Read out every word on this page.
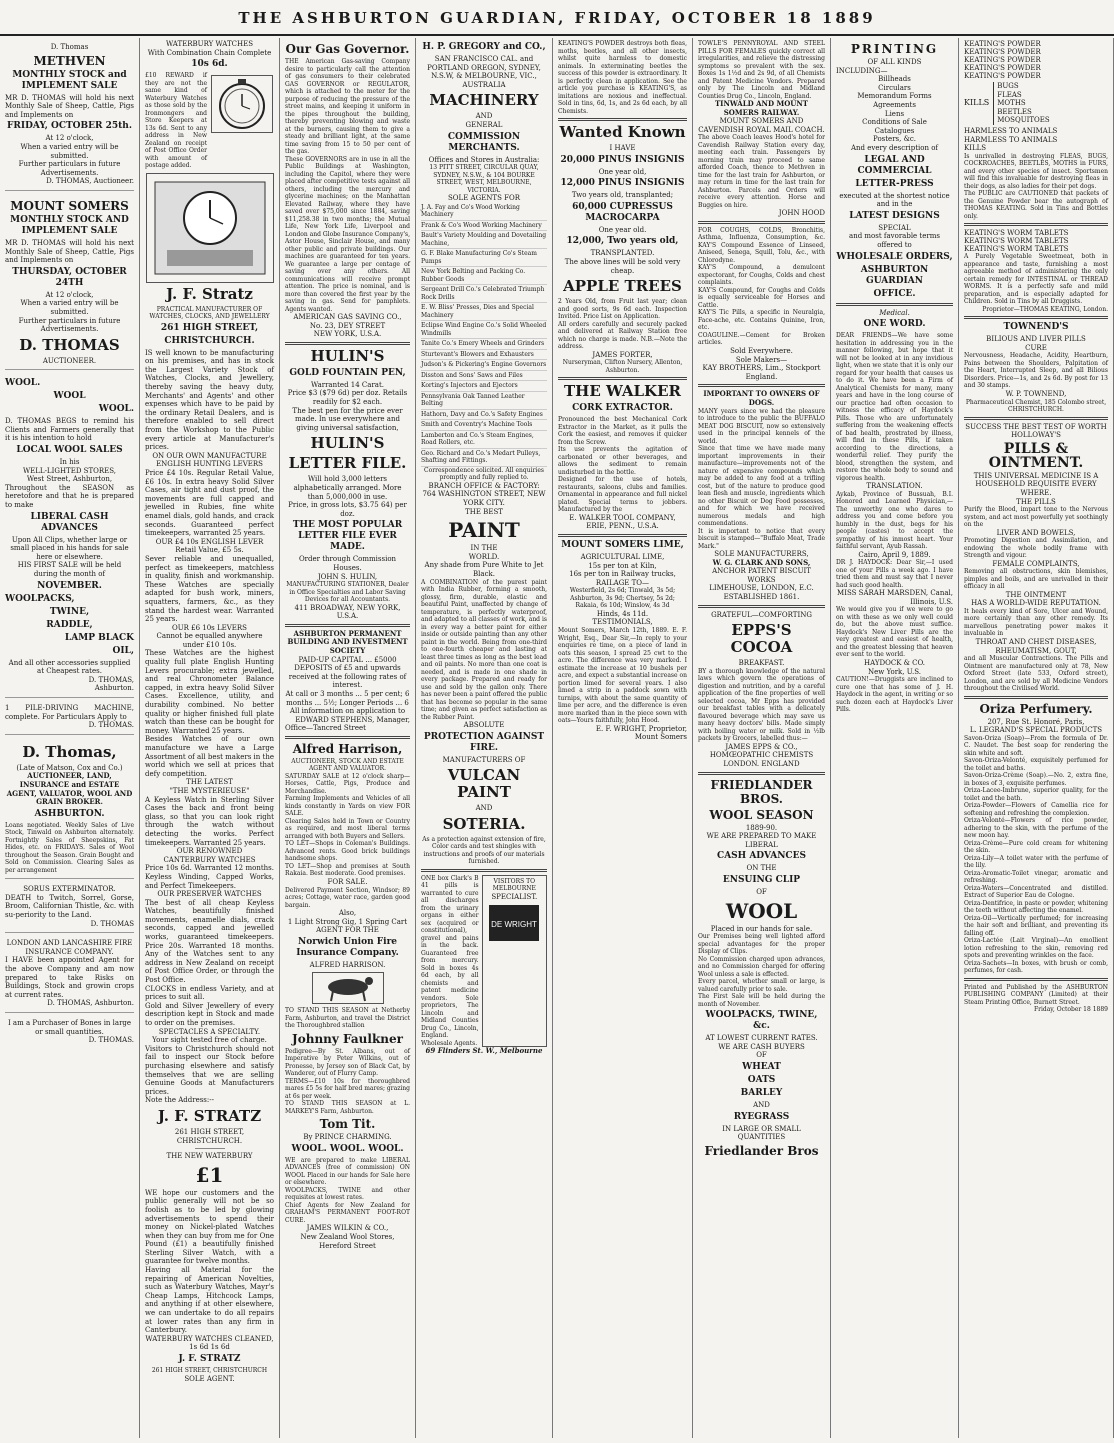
THE ASHBURTON GUARDIAN, FRIDAY, OCTOBER 18 1889
D. Thomas
METHVEN
MONTHLY STOCK and IMPLEMENT SALE
MR D. THOMAS will hold his next Monthly Sale of Sheep, Cattle, Pigs and Implements on
FRIDAY, OCTOBER 25th.
At 12 o'clock,
When a varied entry will be submitted.
Further particulars in future Advertisements.
D. THOMAS, Auctioneer.
MOUNT SOMERS
MONTHLY STOCK AND IMPLEMENT SALE
MR D. THOMAS will hold his next Monthly Sale of Sheep, Cattle, Pigs and Implements on
THURSDAY, OCTOBER 24TH
At 12 o'clock,
When a varied entry will be submitted.
Further particulars in future Advertisements.
D. THOMAS
AUCTIONEER.
WOOL.
WOOL
WOOL.
D. THOMAS BEGS to remind his Clients and Farmers generally that it is his intention to hold
LOCAL WOOL SALES
In his
WELL-LIGHTED STORES,
West Street, Ashburton,
Throughout the SEASON as heretofore and that he is prepared to make
LIBERAL CASH ADVANCES
Upon All Clips, whether large or small placed in his hands for sale here or elsewhere.
HIS FIRST SALE will be held during the month of
NOVEMBER.
WOOLPACKS,
TWINE,
RADDLE,
LAMP BLACK
OIL,
And all other accessories supplied at Cheapest rates.
D. THOMAS,
Ashburton.
1 PILE-DRIVING MACHINE, complete. For Particulars Apply to
D. THOMAS.
D. Thomas,
(Late of Matson, Cox and Co.)
AUCTIONEER, LAND, INSURANCE and ESTATE AGENT, VALUATOR, WOOL AND GRAIN BROKER.
ASHBURTON.
Loans negotiated. Weekly Sales of Live Stock, Tinwald on Ashburton alternately. Fortnightly Sales of Sheepskins, Fat Hides, etc. on FRIDAYS. Sales of Wool throughout the Season. Grain Bought and Sold on Commission. Clearing Sales as per arrangement
SORUS EXTERMINATOR.
DEATH to Twitch, Sorrel, Gorse, Broom, Californian Thistle, &c. with su-periority to the Land.
D. THOMAS
LONDON AND LANCASHIRE FIRE INSURANCE COMPANY.
I HAVE been appointed Agent for the above Company and am now prepared to take Risks on Buildings, Stock and growin crops at current rates.
D. THOMAS, Ashburton.
I am a Purchaser of Bones in large or small quantities.
D. THOMAS.
WATERBURY WATCHES
With Combination Chain Complete
10s 6d.
£10 REWARD if they are not the same kind of Waterbury Watches as those sold by the Ironmongers and Store Keepers at 13s 6d. Sent to any address in New Zealand on receipt of Post Office Order with amount of postage added.
J. F. Stratz
PRACTICAL MANUFACTURER OF WATCHES, CLOCKS, AND JEWELLERY
261 HIGH STREET,
CHRISTCHURCH.
IS well known to be manufacturing on his premises, and has in stock the Largest Variety Stock of Watches, Clocks, and Jewellery, thereby saving the heavy duty, Merchants' and Agents' and other expenses which have to be paid by the ordinary Retail Dealers, and is therefore enabled to sell direct from the Workshop to the Public every article at Manufacturer's prices.
ON OUR OWN MANUFACTURE
ENGLISH HUNTING LEVERS
Price £4 10s. Regular Retail Value, £6 10s. In extra heavy Solid Silver Cases, air tight and dust proof, the movements are full capped and jewelled in Rubies, fine white enamel dials, gold hands, and crack seconds. Guaranteed perfect timekeepers, warranted 25 years.
OUR £4 10s ENGLISH LEVER Retail Value, £5 5s.
Sever reliable and unequalled, perfect as timekeepers, matchless in quality, finish and workmanship. These Watches are specially adapted for bush work, miners, squatters, farmers, &c., as they stand the hardest wear. Warranted 25 years.
OUR £6 10s LEVERS
Cannot be equalled anywhere under £10 10s.
These Watches are the highest quality full plate English Hunting Levers procurable; extra jewelled, and real Chronometer Balance capped, in extra heavy Solid Silver Cases. Excellence, utility, and durability combined. No better quality or higher finished full plate watch than these can be bought for money. Warranted 25 years.
Besides Watches of our own manufacture we have a Large Assortment of all best makers in the world which we sell at prices that defy competition.
THE LATEST
"THE MYSTERIEUSE"
A Keyless Watch in Sterling Silver Cases the back and front being glass, so that you can look right through the watch without detecting the works. Perfect timekeepers. Warranted 25 years.
OUR RENOWNED
CANTERBURY WATCHES
Price 10s 6d. Warranted 12 months. Keyless Winding, Capped Works, and Perfect Timekeepers.
OUR PRESERVER WATCHES
The best of all cheap Keyless Watches, beautifully finished movements, enamelle dials, crack seconds, capped and jewelled works, guaranteed timekeepers. Price 20s. Warranted 18 months. Any of the Watches sent to any address in New Zealand on receipt of Post Office Order, or through the Post Office.
CLOCKS in endless Variety, and at prices to suit all.
Gold and Silver Jewellery of every description kept in Stock and made to order on the premises.
SPECTACLES A SPECIALTY.
Your sight tested free of charge.
Visitors to Christchurch should not fail to inspect our Stock before purchasing elsewhere and satisfy themselves that we are selling Genuine Goods at Manufacturers prices.
Note the Address:--
J. F. STRATZ
261 HIGH STREET,
CHRISTCHURCH.
THE NEW WATERBURY
£1
WE hope our customers and the public generally will not be so foolish as to be led by glowing advertisements to spend their money on Nickel-plated Watches when they can buy from me for One Pound (£1) a beautifully finished Sterling Silver Watch, with a guarantee for twelve months.
Having all Material for the repairing of American Novelties, such as Waterbury Watches, Mayr's Cheap Lamps, Hitchcock Lamps, and anything if at other elsewhere, we can undertake to do all repairs at lower rates than any firm in Canterbury.
WATERBURY WATCHES CLEANED,
1s 6d 1s 6d
J. F. STRATZ
261 HIGH STREET, CHRISTCHURCH
SOLE AGENT.
Our Gas Governor.
THE American Gas-saving Company desire to particularly call the attention of gas consumers to their celebrated GAS GOVERNOR or REGULATOR, which is attached to the meter for the purpose of reducing the pressure of the street mains, and keeping it uniform in the pipes throughout the building, thereby preventing blowing and waste at the burners, causing them to give a steady and brilliant light, at the same time saving from 15 to 50 per cent of the gas.
These GOVERNORS are in use in all the Public Buildings at Washington, including the Capitol, where they were placed after competitive tests against all others, including the mercury and glycerine machines; on the Manhattan Elevated Railway, where they have saved over $75,000 since 1884, saving $11,258.38 in two months; the Mutual Life, New York Life, Liverpool and London and Globe Insurance Company's, Astor House, Sinclair House, and many other public and private buildings. Our machines are guaranteed for ten years. We guarantee a large per centage of saving over any others. All communications will receive prompt attention. The price is nominal, and is more than covered the first year by the saving in gas. Send for pamphlets. Agents wanted.
AMERICAN GAS SAVING CO.,
No. 23, DEY STREET
NEW YORK, U.S.A.
HULIN'S
GOLD FOUNTAIN PEN,
Warranted 14 Carat.
Price $3 ($79 6d) per doz. Retails readily for $2 each.
The best pen for the price ever made. In use everywhere and giving universal satisfaction,
HULIN'S
LETTER FILE.
Will hold 3,000 letters alphabetically arranged. More than 5,000,000 in use.
Price, in gross lots, $3.75 64) per doz.
THE MOST POPULAR LETTER FILE EVER MADE.
Order through Commission Houses.
JOHN S. HULIN,
MANUFACTURING STATIONER, Dealer in Office Specialties and Labor Saving Devices for all Accountants.
411 BROADWAY, NEW YORK, U.S.A.
ASHBURTON PERMANENT BUILDING AND INVESTMENT SOCIETY
PAID-UP CAPITAL ... £5000
DEPOSITS of £5 and upwards received at the following rates of interest.
At call or 3 months ... 5 per cent; 6 months ... 5½; Longer Periods ... 6
All information on application to
EDWARD STEPHENS, Manager,
Office—Tancred Street
Alfred Harrison,
AUCTIONEER, STOCK AND ESTATE AGENT AND VALUATOR.
SATURDAY SALE at 12 o'clock sharp—Horses, Cattle, Pigs, Produce and Merchandise.
Farming Implements and Vehicles of all kinds constantly in Yards on view FOR SALE.
Clearing Sales held in Town or Country as required, and most liberal terms arranged with both Buyers and Sellers.
TO LET—Shops in Coleman's Buildings. Advanced rents. Good brick buildings handsome shops.
TO LET—Shop and premises at South Rakaia. Best moderate. Good premises.
FOR SALE.
Delivered Payment Section, Windsor; 89 acres; Cottage, water race, garden good bargain.
Also,
1 Light Strong Gig, 1 Spring Cart
AGENT FOR THE
Norwich Union Fire Insurance Company.
ALFRED HARRISON.
TO STAND THIS SEASON at Netherby Farm, Ashburton, and travel the District the Thoroughbred stallion
Johnny Faulkner
Pedigree—By St. Albans, out of Imperative by Peter Wilkins, out of Pronesse, by Jersey son of Black Cat, by Wanderer, out of Flurry Camp.
TERMS—£10 10s for thoroughbred mares £5 5s for half bred mares; grazing at 6s per week.
TO STAND THIS SEASON at L. MARKEY'S Farm, Ashburton.
Tom Tit.
By PRINCE CHARMING.
WOOL. WOOL. WOOL.
WE are prepared to make LIBERAL ADVANCES (free of commission) ON WOOL Placed in our hands for Sale here or elsewhere.
WOOLPACKS, TWINE and other requisites at lowest rates.
Chief Agents for New Zealand for GRAHAM'S PERMANENT FOOT-ROT CURE.
JAMES WILKIN & CO.,
New Zealand Wool Stores, Hereford Street
H. P. GREGORY and CO.,
SAN FRANCISCO CAL. and PORTLAND OREGON, SYDNEY, N.S.W, & MELBOURNE, VIC., AUSTRALIA
MACHINERY
AND
GENERAL
COMMISSION MERCHANTS.
Offices and Stores in Australia:
13 PITT STREET, CIRCULAR QUAY, SYDNEY, N.S.W., & 104 BOURKE STREET, WEST, MELBOURNE, VICTORIA.
SOLE AGENTS FOR
J. A. Fay and Co's Wood Working Machinery
Frank & Co's Wood Working Machinery
Bault's Variety Moulding and Dovetailing Machine,
G. F. Blake Manufacturing Co's Steam Pumps
New York Belting and Packing Co. Rubber Goods
Sergeant Drill Co.'s Celebrated Triumph Rock Drills
E. W. Bliss' Presses, Dies and Special Machinery
Eclipse Wind Engine Co.'s Solid Wheeled Windmills
Tanite Co.'s Emery Wheels and Grinders
Sturtevant's Blowers and Exhausters
Judson's & Pickering's Engine Governors
Disston and Sons' Saws and Files
Korting's Injectors and Ejectors
Pennsylvania Oak Tanned Leather Belting
Hathorn, Davy and Co.'s Safety Engines
Smith and Coventry's Machine Tools
Lamberton and Co.'s Steam Engines, Road Rollers, etc.
Geo. Richard and Co.'s Medart Pulleys, Shafting and Fittings.
Correspondence solicited. All enquiries promptly and fully replied to.
BRANCH OFFICE & FACTORY:
764 WASHINGTON STREET, NEW YORK CITY.
THE BEST
PAINT
IN THE
WORLD.
Any shade from Pure White to Jet Black.
A COMBINATION of the purest paint with India Rubber, forming a smooth, glossy, firm, durable, elastic and beautiful Paint, unaffected by change of temperature, is perfectly waterproof, and adapted to all classes of work, and is in every way a better paint for either inside or outside painting than any other paint in the world. Being from one-third to one-fourth cheaper and lasting at least three times as long as the best lead and oil paints. No more than one coat is needed, and is made in one shade in every package. Prepared and ready for use and sold by the gallon only. There has never been a paint offered the public that has become so popular in the same time; and given as perfect satisfaction as the Rubber Paint.
ABSOLUTE
PROTECTION AGAINST FIRE.
MANUFACTURERS OF
VULCAN PAINT
AND
SOTERIA.
As a protection against extension of fire, Color cards and test shingles with instructions and proofs of our materials furnished.
ONE box Clark's B 41 pills is warranted to cure all discharges from the urinary organs in either sex (acquired or constitutional), gravel and pains in the back. Guaranteed free from mercury. Sold in boxes 4s 6d each, by all chemists and patent medicine vendors. Sole proprietors, The Lincoln and Midland Counties Drug Co., Lincoln, England. Wholesale Agents.
VISITORS TO MELBOURNE
SPECIALIST.
DE WRIGHT
69 Flinders St. W., Melbourne
KEATING'S POWDER destroys both fleas, moths, beetles, and all other insects, whilst quite harmless to domestic animals. In exterminating beetles the success of this powder is extraordinary. It is perfectly clean in application. See the article you purchase is KEATING'S, as imitations are noxious and ineffectual. Sold in tins, 6d, 1s, and 2s 6d each, by all Chemists.
Wanted Known
I HAVE
20,000 PINUS INSIGNIS
One year old,
12,000 PINUS INSIGNIS
Two years old, transplanted;
60,000 CUPRESSUS MACROCARPA
One year old.
12,000, Two years old,
TRANSPLANTED.
The above lines will be sold very cheap.
APPLE TREES
2 Years Old, from Fruit last year; clean and good sorts, 9s 6d each. Inspection Invited. Price List on Application.
All orders carefully and securely packed and delivered at Railway Station free which no charge is made. N.B.—Note the address.
JAMES FORTER,
Nurseryman, Clifton Nursery, Allenton, Ashburton.
THE WALKER
CORK EXTRACTOR.
Pronounced the best Mechanical Cork Extractor in the Market, as it pulls the Cork the easiest, and removes it quicker from the Screw.
Its use prevents the agitation of carbonated or other beverages, and allows the sediment to remain undisturbed in the bottle.
Designed for the use of hotels, restaurants, saloons, clubs and families. Ornamental in appearance and full nickel plated. Special terms to jobbers. Manufactured by the
E. WALKER TOOL COMPANY,
ERIE, PENN., U.S.A.
MOUNT SOMERS LIME,
AGRICULTURAL LIME,
15s per ton at Kiln,
16s per ton in Railway trucks,
RAILAGE TO—
Westerfield, 2s 6d; Tinwald, 3s 5d; Ashburton, 3s 9d; Chertsey, 5s 2d; Rakaia, 6s 10d; Winslow, 4s 3d
Hinds, 4s 11d.
TESTIMONIALS,
Mount Somers, March 12th, 1889. E. F. Wright, Esq., Dear Sir,—In reply to your enquiries re time, on a piece of land in oats this season, I spread 25 cwt to the acre. The difference was very marked. I estimate the increase at 10 bushels per acre, and expect a substantial increase on portion limed for several years. I also limed a strip in a paddock sown with turnips, with about the same quantity of lime per acre, and the difference is even more marked than in the piece sown with oats—Yours faithfully, John Hood.
E. F. WRIGHT, Proprietor,
Mount Somers
TOWLE'S PENNYROYAL AND STEEL PILLS FOR FEMALES quickly correct all irregularities, and relieve the distressing symptoms so prevalent with the sex. Boxes 1s 1½d and 2s 9d, of all Chemists and Patent Medicine Vendors. Prepared only by The Lincoln and Midland Counties Drug Co., Lincoln, England.
TINWALD AND MOUNT SOMERS RAILWAY.
MOUNT SOMERS AND CAVENDISH ROYAL MAIL COACH.
The above Coach leaves Hood's hotel for Cavendish Railway Station every day, meeting each train. Passengers by morning train may proceed to same afforded Coach, thence to Methven in time for the last train for Ashburton, or may return in time for the last train for Ashburton. Parcels and Orders will receive every attention. Horse and Buggies on hire.
JOHN HOOD
FOR COUGHS, COLDS, Bronchitis, Asthma, Influenza, Consumption, &c. KAY'S Compound Essence of Linseed, Aniseed, Senega, Squill, Tolu, &c., with Chlorodyne.
KAY'S Compound, a demulcent expectorant, for Coughs, Colds and chest complaints.
KAY'S Compound, for Coughs and Colds is equally serviceable for Horses and Cattle.
KAY'S Tic Pills, a specific in Neuralgia, Face-ache, etc. Contains Quinine, Iron, etc.
COAGULINE.—Cement for Broken articles.
Sold Everywhere.
Sole Makers—
KAY BROTHERS, Lim., Stockport England.
IMPORTANT TO OWNERS OF DOGS.
MANY years since we had the pleasure to introduce to the public the BUFFALO MEAT DOG BISCUIT, now so extensively used in the principal kennels of the world.
Since that time we have made many important improvements in their manufacture—improvements not of the nature of expensive compounds which may be added to any food at a trifling cost, but of the nature to produce good lean flesh and muscle, ingredients which no other Biscuit or Dog Food possesses, and for which we have received numerous medals and high commendations.
It is important to notice that every biscuit is stamped—"Buffalo Meat, Trade Mark."
SOLE MANUFACTURERS,
W. G. CLARK AND SONS,
ANCHOR PATENT BISCUIT WORKS
LIMEHOUSE, LONDON, E.C.
ESTABLISHED 1861.
GRATEFUL—COMFORTING
EPPS'S COCOA
BREAKFAST.
BY a thorough knowledge of the natural laws which govern the operations of digestion and nutrition, and by a careful application of the fine properties of well selected cocoa, Mr Epps has provided our breakfast tables with a delicately flavoured beverage which may save us many heavy doctors' bills. Made simply with boiling water or milk. Sold in ½lb packets by Grocers, labelled thus:—
JAMES EPPS & CO.,
HOMŒOPATHIC CHEMISTS
LONDON. ENGLAND
FRIEDLANDER BROS.
WOOL SEASON
1889-90.
WE ARE PREPARED TO MAKE LIBERAL
CASH ADVANCES
ON THE
ENSUING CLIP
OF
WOOL
Placed in our hands for sale.
Our Premises being well lighted afford special advantages for the proper Display of Clips.
No Commission charged upon advances, and no Commission charged for offering Wool unless a sale is effected.
Every parcel, whether small or large, is valued carefully prior to sale.
The First Sale will be held during the month of November.
WOOLPACKS, TWINE, &c.
AT LOWEST CURRENT RATES.
WE ARE CASH BUYERS
OF
WHEAT
OATS
BARLEY
AND
RYEGRASS
IN LARGE OR SMALL QUANTITIES
Friedlander Bros
PRINTING
OF ALL KINDS
INCLUDING—
Billheads
Circulars
Memorandum Forms
Agreements
Liens
Conditions of Sale
Catalogues
Posters, &c.
And every description of
LEGAL AND COMMERCIAL
LETTER-PRESS
executed at the shortest notice and in the
LATEST DESIGNS
SPECIAL
and most favorable terms offered to
WHOLESALE ORDERS,
ASHBURTON GUARDIAN
OFFICE.
Medical.
ONE WORD.
DEAR FRIENDS—We have some hesitation in addressing you in the manner following, but hope that it will not be looked at in any invidious light, when we state that it is only our regard for your health that causes us to do it. We have been a Firm of Analytical Chemists for many, many years and have in the long course of our practice had often occasion to witness the efficacy of Haydock's Pills. Those who are unfortunately suffering from the weakening effects of bad health, prostrated by illness, will find in these Pills, if taken according to the directions, a wonderful relief. They purify the blood, strengthen the system, and restore the whole body to sound and vigorous health.
TRANSLATION.
Aykab, Province of Bussuah, B.I. Honored and Learned Physician,—The unworthy one who dares to address you and come before you humbly in the dust, begs for his people (castes) to accept the sympathy of his inmost heart. Your faithful servant, Ayub Rassah.
Cairo, April 9, 1889.
DR J. HAYDOCK: Dear Sir,—I used one of your Pills a week ago. I have tried them and must say that I never had such good health.
MISS SARAH MARSDEN, Canal, Illinois, U.S.
We would give you if we were to go on with these as we only well could do, but the above must suffice. Haydock's New Liver Pills are the very greatest and easiest of health, and the greatest blessing that heaven ever sent to the world.
HAYDOCK & CO.
New York, U.S.
CAUTION!—Druggists are inclined to cure one that has some of J. H. Haydock in the agent, in writing or so such dozen each at Haydock's Liver Pills.
KEATING'S POWDER
KEATING'S POWDER
KEATING'S POWDER
KEATING'S POWDER
KEATING'S POWDER
KILLS
BUGS
FLEAS
MOTHS
BEETLES
MOSQUITOES
HARMLESS TO ANIMALS
HARMLESS TO ANIMALS
KILLS
Is unrivalled in destroying FLEAS, BUGS, COCKROACHES, BEETLES, MOTHS in FURS, and every other species of insect. Sportsmen will find this invaluable for destroying fleas in their dogs, as also ladies for their pet dogs.
The PUBLIC are CAUTIONED that packets of the Genuine Powder bear the autograph of THOMAS KEATING. Sold in Tins and Bottles only.
KEATING'S WORM TABLETS
KEATING'S WORM TABLETS
KEATING'S WORM TABLETS
A Purely Vegetable Sweetmeat, both in appearance and taste, furnishing a most agreeable method of administering the only certain remedy for INTESTINAL or THREAD WORMS. It is a perfectly safe and mild preparation, and is especially adapted for Children. Sold in Tins by all Druggists.
Proprietor—THOMAS KEATING, London.
TOWNEND'S
BILIOUS AND LIVER PILLS
CURE
Nervousness, Headache, Acidity, Heartburn, Pains between the Shoulders, Palpitation of the Heart, Interrupted Sleep, and all Bilious Disorders. Price—1s, and 2s 6d. By post for 13 and 30 stamps.
W. P. TOWNEND,
Pharmaceutical Chemist, 185 Colombo street, CHRISTCHURCH.
SUCCESS THE BEST TEST OF WORTH
HOLLOWAY'S
PILLS & OINTMENT.
THIS UNIVERSAL MEDICINE IS A HOUSEHOLD REQUISITE EVERY WHERE.
THE PILLS
Purify the Blood, impart tone to the Nervous system, and act most powerfully yet soothingly on the
LIVER AND BOWELS,
Promoting Digestion and Assimilation, and endowing the whole bodily frame with Strength and vigour.
FEMALE COMPLAINTS,
Removing all obstructions, skin blemishes, pimples and boils, and are unrivalled in their efficacy in all
THE OINTMENT
HAS A WORLD-WIDE REPUTATION.
It heals every kind of Sore, Ulcer and Wound, more certainly than any other remedy. Its marvellous penetrating power makes it invaluable in
THROAT AND CHEST DISEASES,
RHEUMATISM, GOUT,
and all Muscular Contractions. The Pills and Ointment are manufactured only at 78, New Oxford Street (late 533, Oxford street), London, and are sold by all Medicine Vendors throughout the Civilised World.
Oriza Perfumery.
207, Rue St. Honoré, Paris,
L. LEGRAND'S SPECIAL PRODUCTS
Savon-Oriza (Soap)—From the formula of Dr. C. Naudet. The best soap for rendering the skin white and soft.
Savon-Oriza-Velonté, exquisitely perfumed for the toilet and baths.
Savon-Oriza-Crème (Soap).—No. 2, extra fine, in boxes of 3, exquisite perfumes.
Oriza-Lacee-Imbrune, superior quality, for the toilet and the bath.
Oriza-Powder—Flowers of Camellia rice for softening and refreshing the complexion.
Oriza-Velonté—Flowers of rice powder, adhering to the skin, with the perfume of the new moon hay.
Oriza-Crème—Pure cold cream for whitening the skin.
Oriza-Lily—A toilet water with the perfume of the lily.
Oriza-Aromatic-Toilet vinegar, aromatic and refreshing.
Oriza-Waters—Concentrated and distilled. Extract of Superior Eau de Cologne.
Oriza-Dentifrice, in paste or powder, whitening the teeth without affecting the enamel.
Oriza-Oil—Vertically perfumed; for increasing the hair soft and brilliant, and preventing its falling off.
Oriza-Lactée (Lait Virginal)—An emollient lotion refreshing to the skin, removing red spots and preventing wrinkles on the face.
Oriza-Sachets—In boxes, with brush or comb, perfumes, for cash.
Printed and Published by the ASHBURTON PUBLISHING COMPANY (Limited) at their Steam Printing Office, Burnett Street.
Friday, October 18 1889
